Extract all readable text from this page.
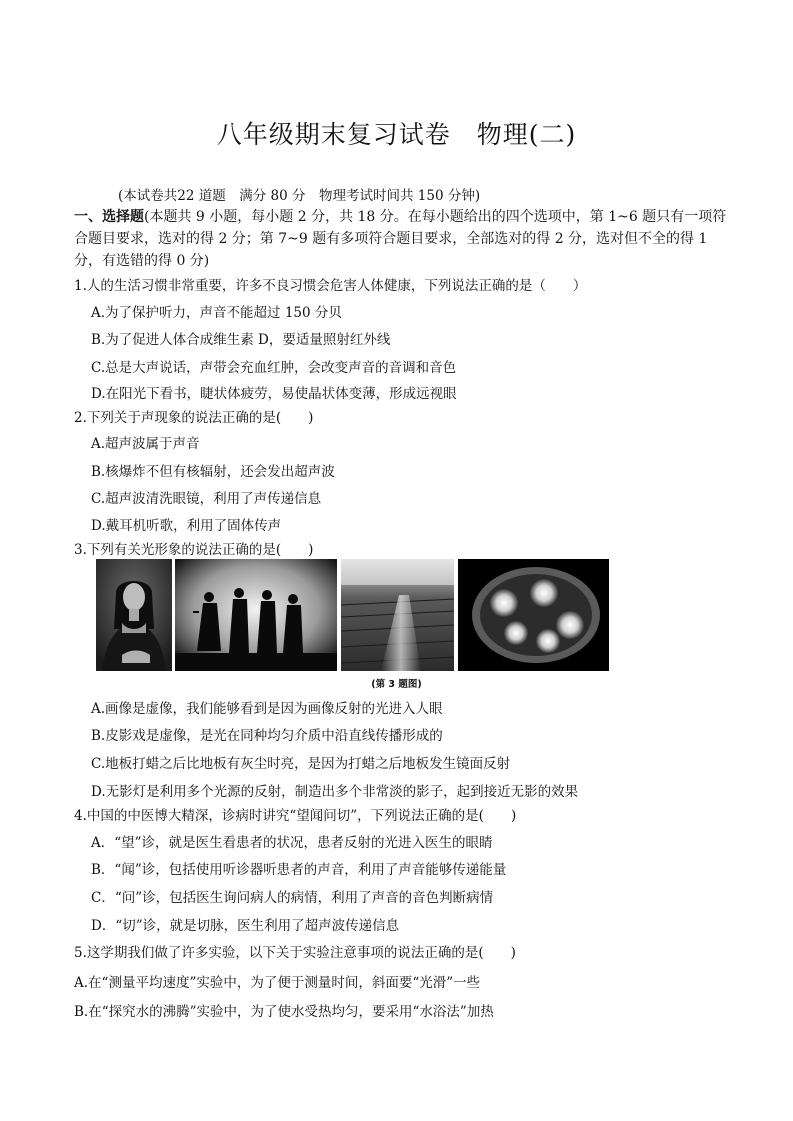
八年级期末复习试卷　物理(二)
(本试卷共22 道题　满分 80 分　物理考试时间共 150 分钟)
一、选择题(本题共 9 小题，每小题 2 分，共 18 分。在每小题给出的四个选项中，第 1~6 题只有一项符合题目要求，选对的得 2 分；第 7~9 题有多项符合题目要求，全部选对的得 2 分，选对但不全的得 1 分，有选错的得 0 分)
1.人的生活习惯非常重要，许多不良习惯会危害人体健康，下列说法正确的是（　　）
A.为了保护听力，声音不能超过 150 分贝
B.为了促进人体合成维生素 D，要适量照射红外线
C.总是大声说话，声带会充血红肿，会改变声音的音调和音色
D.在阳光下看书，睫状体疲劳，易使晶状体变薄，形成远视眼
2.下列关于声现象的说法正确的是(　　)
A.超声波属于声音
B.核爆炸不但有核辐射，还会发出超声波
C.超声波清洗眼镜，利用了声传递信息
D.戴耳机听歌，利用了固体传声
3.下列有关光形象的说法正确的是(　　)
(第 3 题图)
A.画像是虚像，我们能够看到是因为画像反射的光进入人眼
B.皮影戏是虚像，是光在同种均匀介质中沿直线传播形成的
C.地板打蜡之后比地板有灰尘时亮，是因为打蜡之后地板发生镜面反射
D.无影灯是利用多个光源的反射，制造出多个非常淡的影子，起到接近无影的效果
4.中国的中医博大精深，诊病时讲究“望闻问切”，下列说法正确的是(　　)
A．“望”诊，就是医生看患者的状况，患者反射的光进入医生的眼睛
B．“闻”诊，包括使用听诊器听患者的声音，利用了声音能够传递能量
C．“问”诊，包括医生询问病人的病情，利用了声音的音色判断病情
D．“切”诊，就是切脉，医生利用了超声波传递信息
5.这学期我们做了许多实验，以下关于实验注意事项的说法正确的是(　　)
A.在“测量平均速度”实验中，为了便于测量时间，斜面要“光滑”一些
B.在“探究水的沸腾”实验中，为了使水受热均匀，要采用“水浴法”加热
